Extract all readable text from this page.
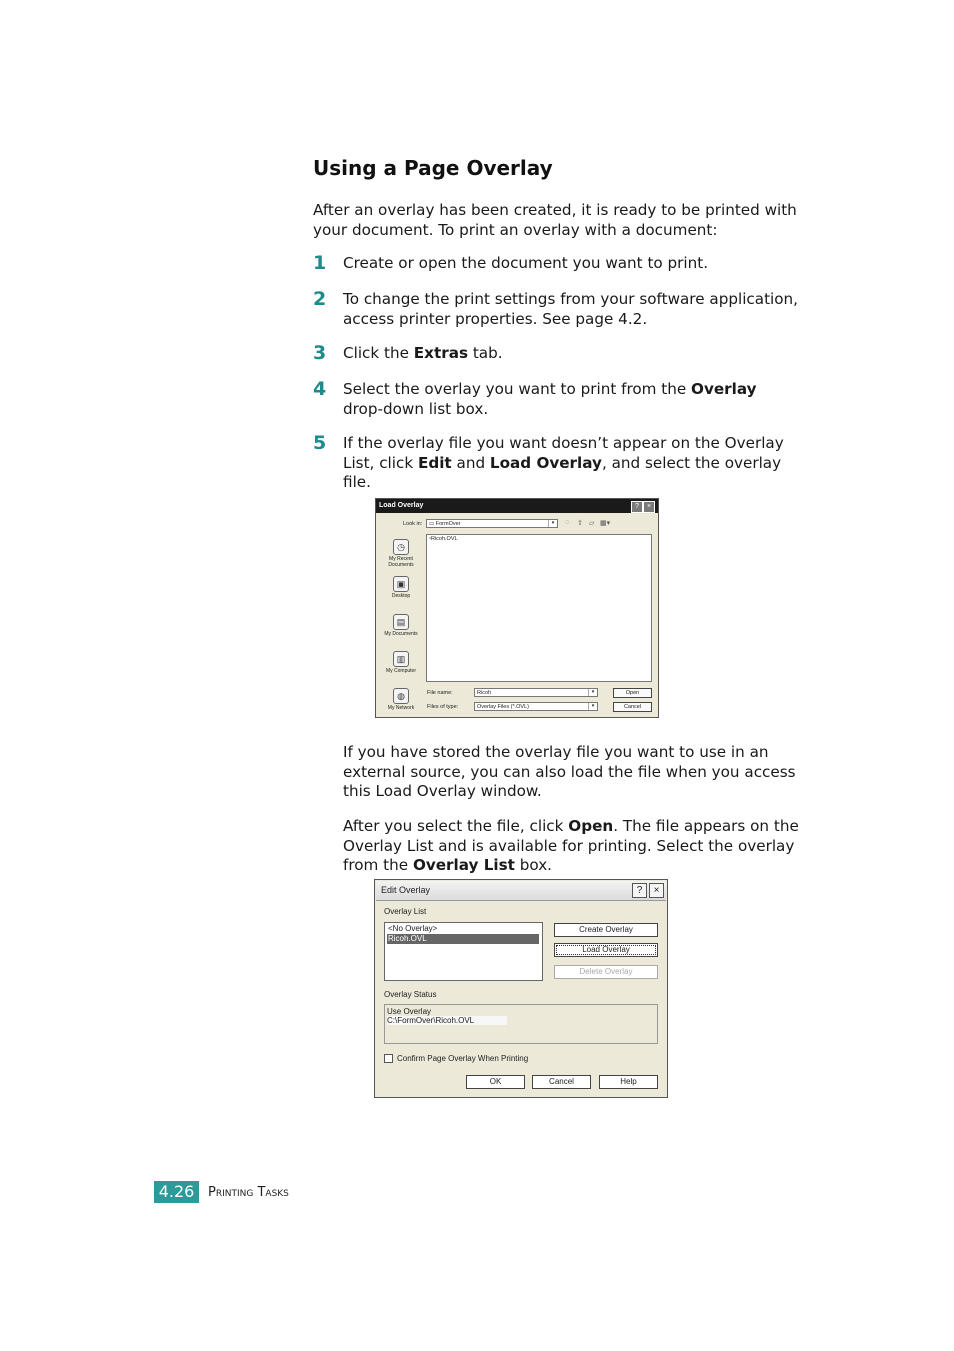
Using a Page Overlay
After an overlay has been created, it is ready to be printed with
your document. To print an overlay with a document:
1 Create or open the document you want to print.
2 To change the print settings from your software application,
access printer properties. See page 4.2.
3 Click the Extras tab.
4 Select the overlay you want to print from the Overlay
drop-down list box.
5 If the overlay file you want doesn’t appear on the Overlay
List, click Edit and Load Overlay, and select the overlay
file.
Load Overlay	?	×
Look in:	▭ FormOver	▾	◌ ⇧ ▱ ▦▾
◷
My Recent Documents
▣
Desktop
▤
My Documents
▥
My Computer
◍
My Network
▫Ricoh.OVL
File name:	Ricoh	▾
Files of type:	Overlay Files (*.OVL)	▾
Open
Cancel
If you have stored the overlay file you want to use in an
external source, you can also load the file when you access
this Load Overlay window.
After you select the file, click Open. The file appears on the
Overlay List and is available for printing. Select the overlay
from the Overlay List box.
Edit Overlay	?	×
Overlay List
<No Overlay>
Ricoh.OVL
Create Overlay
Load Overlay
Delete Overlay
Overlay Status
Use Overlay
C:\FormOver\Ricoh.OVL
Confirm Page Overlay When Printing
OK	Cancel	Help
4.26	Printing Tasks
